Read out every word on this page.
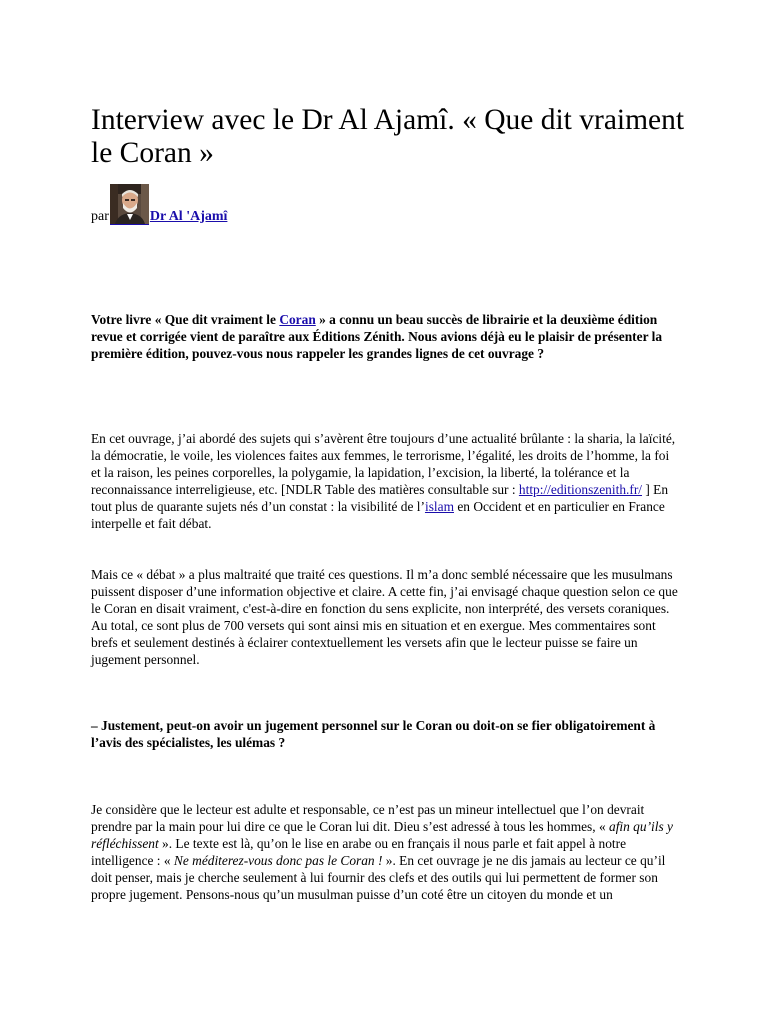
Interview avec le Dr Al Ajamî. « Que dit vraiment le Coran »
par	Dr Al 'Ajamî

Votre livre « Que dit vraiment le Coran » a connu un beau succès de librairie et la deuxième édition revue et corrigée vient de paraître aux Éditions Zénith. Nous avions déjà eu le plaisir de présenter la première édition, pouvez-vous nous rappeler les grandes lignes de cet ouvrage ?

En cet ouvrage, j’ai abordé des sujets qui s’avèrent être toujours d’une actualité brûlante : la sharia, la laïcité, la démocratie, le voile, les violences faites aux femmes, le terrorisme, l’égalité, les droits de l’homme, la foi et la raison, les peines corporelles, la polygamie, la lapidation, l’excision, la liberté, la tolérance et la reconnaissance interreligieuse, etc. [NDLR Table des matières consultable sur : http://editionszenith.fr/ ] En tout plus de quarante sujets nés d’un constat : la visibilité de l’islam en Occident et en particulier en France interpelle et fait débat.

Mais ce « débat » a plus maltraité que traité ces questions. Il m’a donc semblé nécessaire que les musulmans puissent disposer d’une information objective et claire. A cette fin, j’ai envisagé chaque question selon ce que le Coran en disait vraiment, c'est-à-dire en fonction du sens explicite, non interprété, des versets coraniques. Au total, ce sont plus de 700 versets qui sont ainsi mis en situation et en exergue. Mes commentaires sont brefs et seulement destinés à éclairer contextuellement les versets afin que le lecteur puisse se faire un jugement personnel.

– Justement, peut-on avoir un jugement personnel sur le Coran ou doit-on se fier obligatoirement à l’avis des spécialistes, les ulémas ?

Je considère que le lecteur est adulte et responsable, ce n’est pas un mineur intellectuel que l’on devrait prendre par la main pour lui dire ce que le Coran lui dit. Dieu s’est adressé à tous les hommes, « afin qu’ils y réfléchissent ». Le texte est là, qu’on le lise en arabe ou en français il nous parle et fait appel à notre intelligence : « Ne méditerez-vous donc pas le Coran ! ». En cet ouvrage je ne dis jamais au lecteur ce qu’il doit penser, mais je cherche seulement à lui fournir des clefs et des outils qui lui permettent de former son propre jugement. Pensons-nous qu’un musulman puisse d’un coté être un citoyen du monde et un
